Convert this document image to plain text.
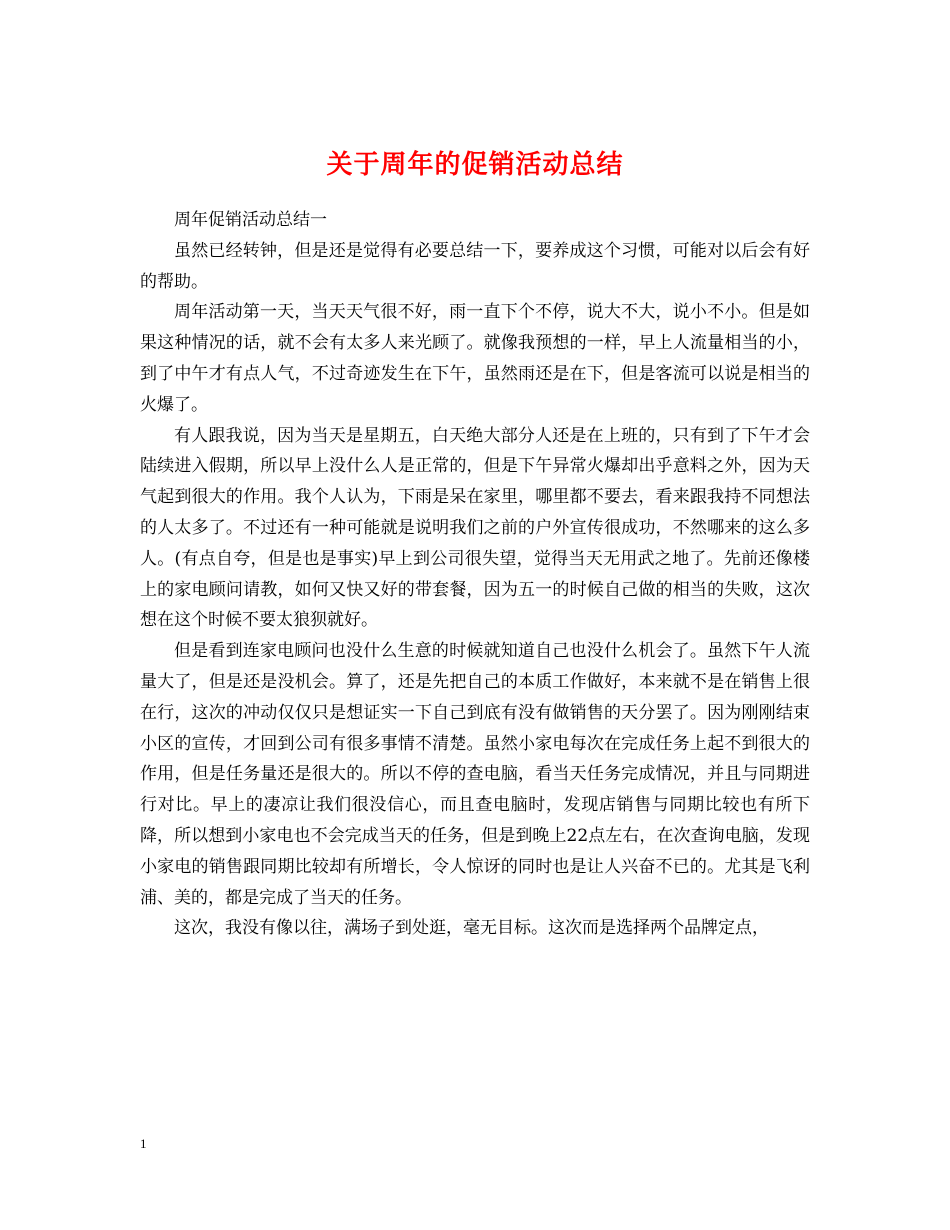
关于周年的促销活动总结

周年促销活动总结一

虽然已经转钟，但是还是觉得有必要总结一下，要养成这个习惯，可能对以后会有好的帮助。

周年活动第一天，当天天气很不好，雨一直下个不停，说大不大，说小不小。但是如果这种情况的话，就不会有太多人来光顾了。就像我预想的一样，早上人流量相当的小，到了中午才有点人气，不过奇迹发生在下午，虽然雨还是在下，但是客流可以说是相当的火爆了。

有人跟我说，因为当天是星期五，白天绝大部分人还是在上班的，只有到了下午才会陆续进入假期，所以早上没什么人是正常的，但是下午异常火爆却出乎意料之外，因为天气起到很大的作用。我个人认为，下雨是呆在家里，哪里都不要去，看来跟我持不同想法的人太多了。不过还有一种可能就是说明我们之前的户外宣传很成功，不然哪来的这么多人。(有点自夸，但是也是事实)早上到公司很失望，觉得当天无用武之地了。先前还像楼上的家电顾问请教，如何又快又好的带套餐，因为五一的时候自己做的相当的失败，这次想在这个时候不要太狼狈就好。

但是看到连家电顾问也没什么生意的时候就知道自己也没什么机会了。虽然下午人流量大了，但是还是没机会。算了，还是先把自己的本质工作做好，本来就不是在销售上很在行，这次的冲动仅仅只是想证实一下自己到底有没有做销售的天分罢了。因为刚刚结束小区的宣传，才回到公司有很多事情不清楚。虽然小家电每次在完成任务上起不到很大的作用，但是任务量还是很大的。所以不停的查电脑，看当天任务完成情况，并且与同期进行对比。早上的凄凉让我们很没信心，而且查电脑时，发现店销售与同期比较也有所下降，所以想到小家电也不会完成当天的任务，但是到晚上22点左右，在次查询电脑，发现小家电的销售跟同期比较却有所增长，令人惊讶的同时也是让人兴奋不已的。尤其是飞利浦、美的，都是完成了当天的任务。

这次，我没有像以往，满场子到处逛，毫无目标。这次而是选择两个品牌定点，

1
